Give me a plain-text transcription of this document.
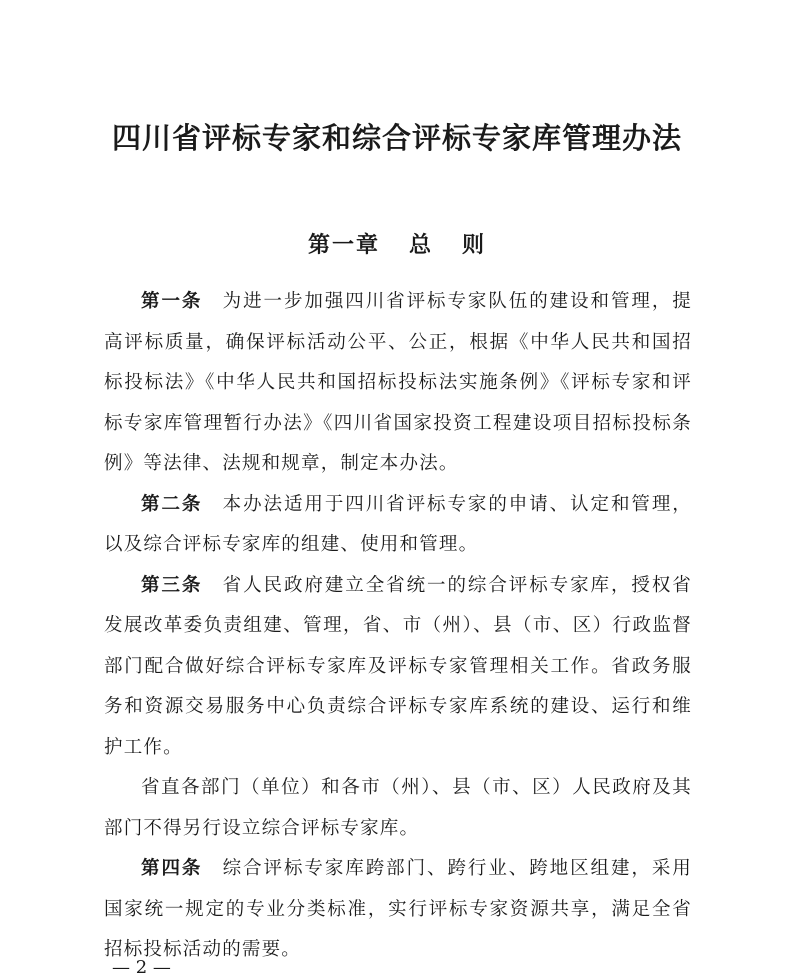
四川省评标专家和综合评标专家库管理办法
第一章   总   则

第一条 为进一步加强四川省评标专家队伍的建设和管理，提高评标质量，确保评标活动公平、公正，根据《中华人民共和国招标投标法》《中华人民共和国招标投标法实施条例》《评标专家和评标专家库管理暂行办法》《四川省国家投资工程建设项目招标投标条例》等法律、法规和规章，制定本办法。

第二条 本办法适用于四川省评标专家的申请、认定和管理，以及综合评标专家库的组建、使用和管理。

第三条 省人民政府建立全省统一的综合评标专家库，授权省发展改革委负责组建、管理，省、市（州）、县（市、区）行政监督部门配合做好综合评标专家库及评标专家管理相关工作。省政务服务和资源交易服务中心负责综合评标专家库系统的建设、运行和维护工作。

省直各部门（单位）和各市（州）、县（市、区）人民政府及其部门不得另行设立综合评标专家库。

第四条 综合评标专家库跨部门、跨行业、跨地区组建，采用国家统一规定的专业分类标准，实行评标专家资源共享，满足全省招标投标活动的需要。

— 2 —
